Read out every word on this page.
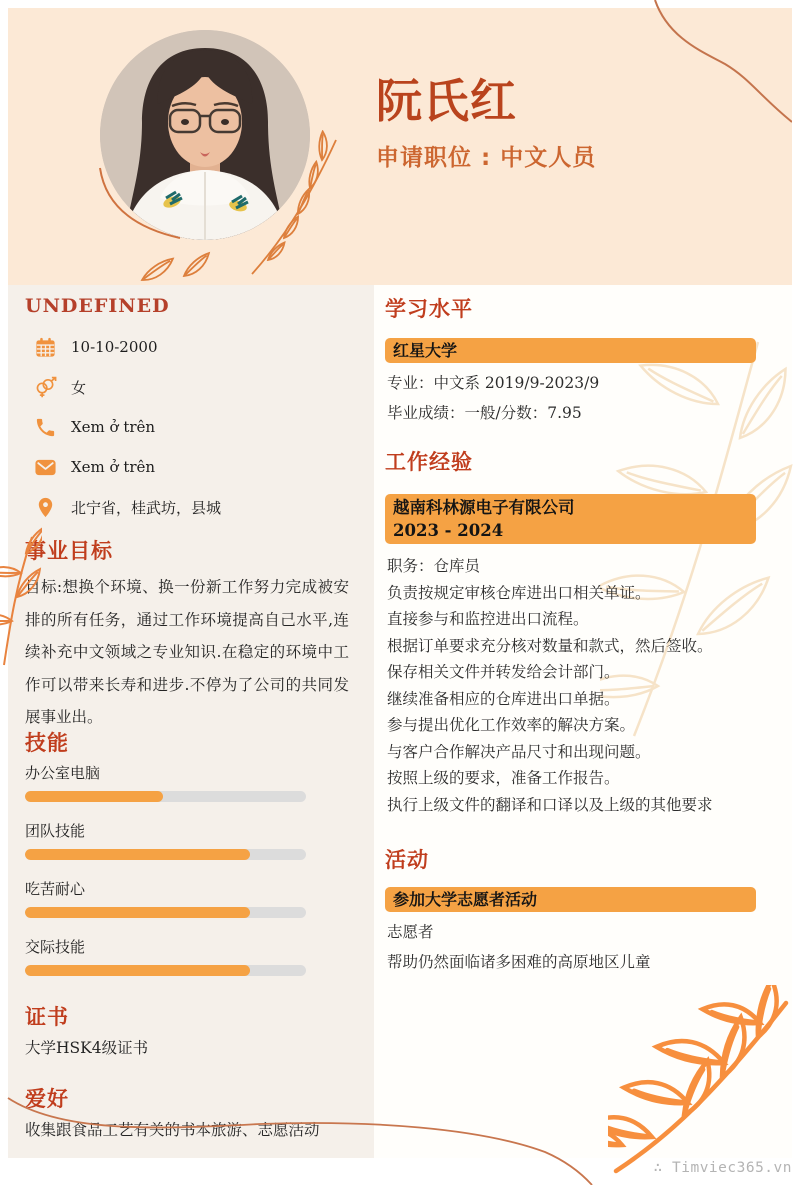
阮氏红
申请职位 : 中文人员
UNDEFINED
10-10-2000
女
Xem ở trên
Xem ở trên
北宁省，桂武坊，县城
事业目标
目标:想换个环境、换一份新工作努力完成被安排的所有任务，通过工作环境提高自己水平,连续补充中文领域之专业知识.在稳定的环境中工作可以带来长寿和进步.不停为了公司的共同发展事业出。
技能
办公室电脑
团队技能
吃苦耐心
交际技能
证书
大学HSK4级证书
爱好
收集跟食品工艺有关的书本旅游、志愿活动
学习水平
红星大学
专业：中文系 2019/9-2023/9
毕业成绩：一般/分数：7.95
工作经验
越南科林源电子有限公司
2023 - 2024
职务：仓库员
负责按规定审核仓库进出口相关单证。
直接参与和监控进出口流程。
根据订单要求充分核对数量和款式，然后签收。
保存相关文件并转发给会计部门。
继续准备相应的仓库进出口单据。
参与提出优化工作效率的解决方案。
与客户合作解决产品尺寸和出现问题。
按照上级的要求，准备工作报告。
执行上级文件的翻译和口译以及上级的其他要求
活动
参加大学志愿者活动
志愿者
帮助仍然面临诸多困难的高原地区儿童
∴ Timviec365.vn
